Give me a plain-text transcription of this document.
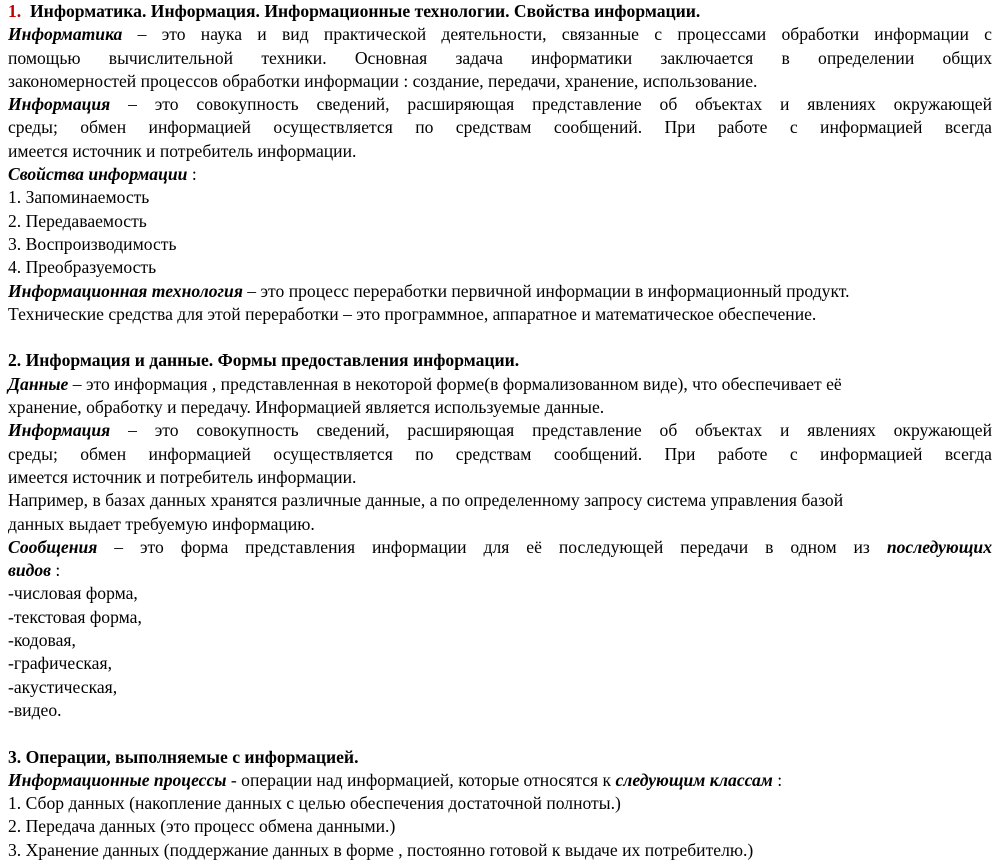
1. Информатика. Информация. Информационные технологии. Свойства информации.
Информатика – это наука и вид практической деятельности, связанные с процессами обработки информации с
помощью вычислительной техники. Основная задача информатики заключается в определении общих
закономерностей процессов обработки информации : создание, передачи, хранение, использование.
Информация – это совокупность сведений, расширяющая представление об объектах и явлениях окружающей
среды; обмен информацией осуществляется по средствам сообщений. При работе с информацией всегда
имеется источник и потребитель информации.
Свойства информации :
1. Запоминаемость
2. Передаваемость
3. Воспроизводимость
4. Преобразуемость
Информационная технология – это процесс переработки первичной информации в информационный продукт.
Технические средства для этой переработки – это программное, аппаратное и математическое обеспечение.
2. Информация и данные. Формы предоставления информации.
Данные – это информация , представленная в некоторой форме(в формализованном виде), что обеспечивает её
хранение, обработку и передачу. Информацией является используемые данные.
Информация – это совокупность сведений, расширяющая представление об объектах и явлениях окружающей
среды; обмен информацией осуществляется по средствам сообщений. При работе с информацией всегда
имеется источник и потребитель информации.
Например, в базах данных хранятся различные данные, а по определенному запросу система управления базой
данных выдает требуемую информацию.
Сообщения – это форма представления информации для её последующей передачи в одном из последующих
видов :
-числовая форма,
-текстовая форма,
-кодовая,
-графическая,
-акустическая,
-видео.
3. Операции, выполняемые с информацией.
Информационные процессы - операции над информацией, которые относятся к следующим классам :
1. Сбор данных (накопление данных с целью обеспечения достаточной полноты.)
2. Передача данных (это процесс обмена данными.)
3. Хранение данных (поддержание данных в форме , постоянно готовой к выдаче их потребителю.)
